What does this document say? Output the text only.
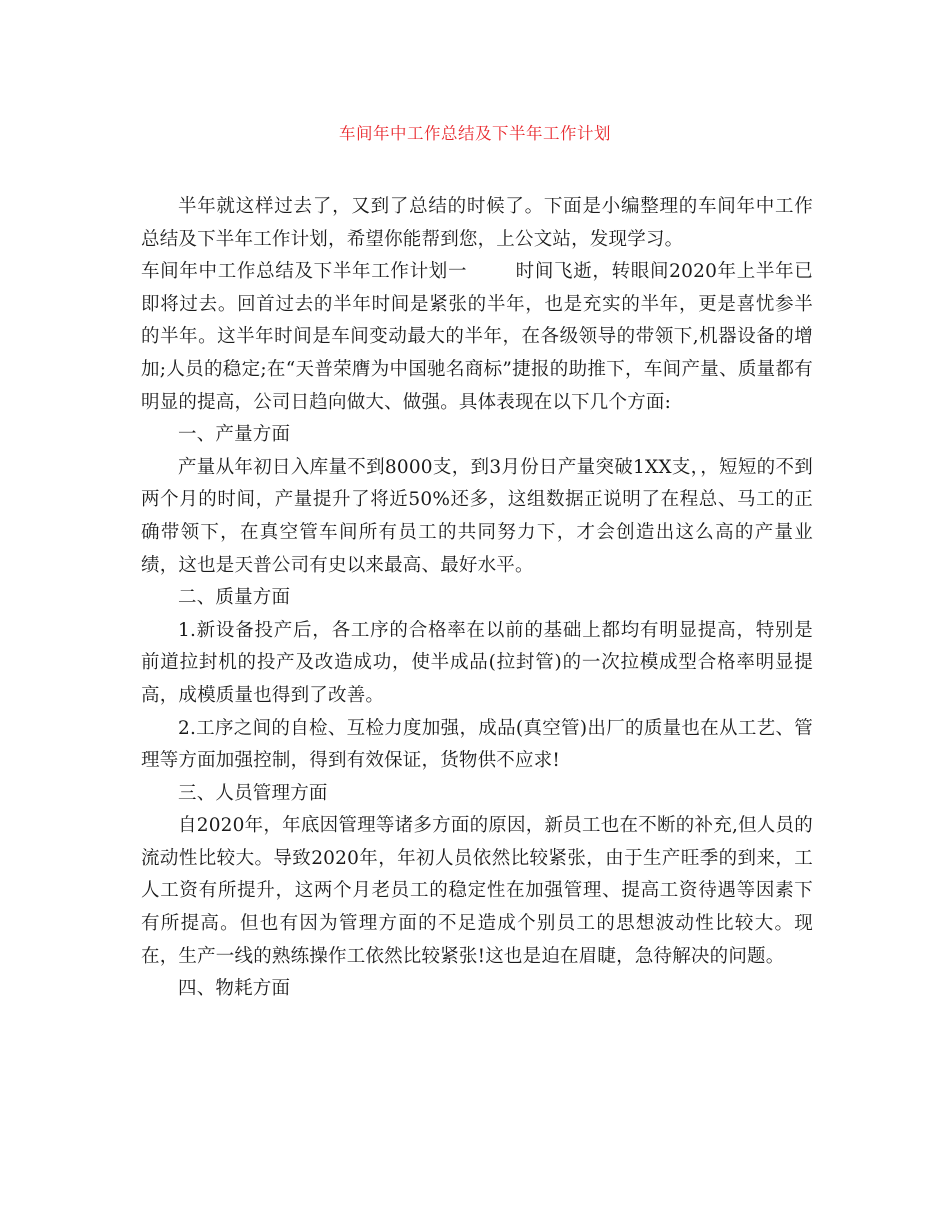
车间年中工作总结及下半年工作计划

半年就这样过去了，又到了总结的时候了。下面是小编整理的车间年中工作总结及下半年工作计划，希望你能帮到您，上公文站，发现学习。

车间年中工作总结及下半年工作计划一	时间飞逝，转眼间2020年上半年已即将过去。回首过去的半年时间是紧张的半年，也是充实的半年，更是喜忧参半的半年。这半年时间是车间变动最大的半年，在各级领导的带领下,机器设备的增加;人员的稳定;在“天普荣膺为中国驰名商标”捷报的助推下，车间产量、质量都有明显的提高，公司日趋向做大、做强。具体表现在以下几个方面:

一、产量方面

产量从年初日入库量不到8000支，到3月份日产量突破1XX支，，短短的不到两个月的时间，产量提升了将近50%还多，这组数据正说明了在程总、马工的正确带领下，在真空管车间所有员工的共同努力下，才会创造出这么高的产量业绩，这也是天普公司有史以来最高、最好水平。

二、质量方面

1.新设备投产后，各工序的合格率在以前的基础上都均有明显提高，特别是前道拉封机的投产及改造成功，使半成品(拉封管)的一次拉模成型合格率明显提高，成模质量也得到了改善。

2.工序之间的自检、互检力度加强，成品(真空管)出厂的质量也在从工艺、管理等方面加强控制，得到有效保证，货物供不应求!

三、人员管理方面

自2020年，年底因管理等诸多方面的原因，新员工也在不断的补充,但人员的流动性比较大。导致2020年，年初人员依然比较紧张，由于生产旺季的到来，工人工资有所提升，这两个月老员工的稳定性在加强管理、提高工资待遇等因素下有所提高。但也有因为管理方面的不足造成个别员工的思想波动性比较大。现在，生产一线的熟练操作工依然比较紧张!这也是迫在眉睫，急待解决的问题。

四、物耗方面
